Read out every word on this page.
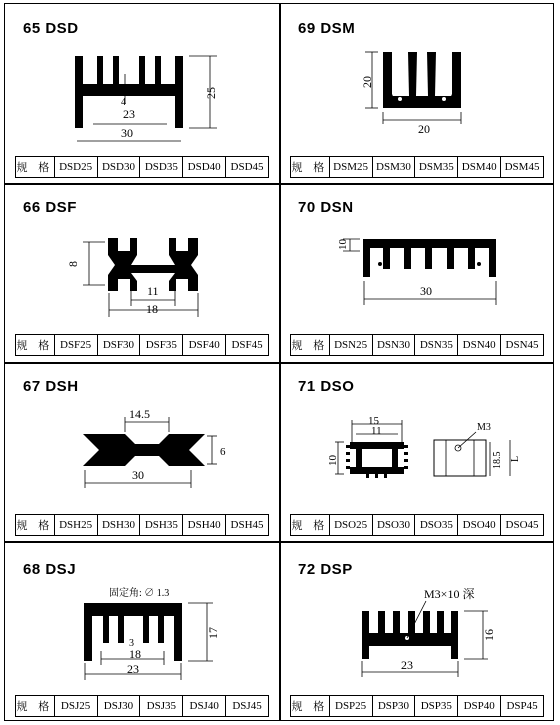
65 DSD
4
23
30
25
规 格 DSD25 DSD30 DSD35 DSD40 DSD45
69 DSM
20
20
规 格 DSM25 DSM30 DSM35 DSM40 DSM45
66 DSF
8
11
18
规 格 DSF25	DSF30	DSF35	DSF40	DSF45
70 DSN
10
30
规 格 DSN25 DSN30 DSN35 DSN40 DSN45
67 DSH
14.5
6
30
规 格 DSH25 DSH30 DSH35 DSH40 DSH45
71 DSO
15
11
10
M3
18.5 L
规 格 DSO25 DSO30 DSO35 DSO40 DSO45
68 DSJ
固定角: ∅ 1.3
3
18
23
17
规 格 DSJ25	DSJ30	DSJ35	DSJ40	DSJ45
72 DSP
M3×10 深
23
16
规 格 DSP25	DSP30	DSP35	DSP40	DSP45
